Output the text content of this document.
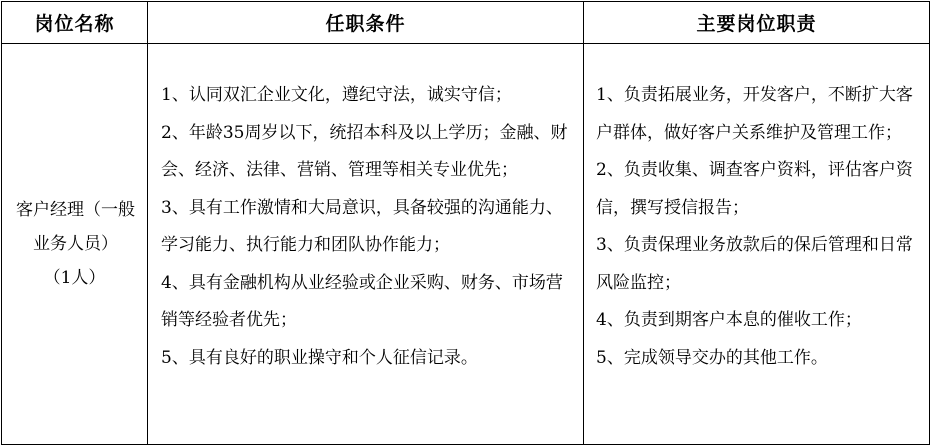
岗位名称	任职条件	主要岗位职责

客户经理（一般业务人员）
（1人）	1、认同双汇企业文化，遵纪守法，诚实守信；
2、年龄35周岁以下，统招本科及以上学历；金融、财会、经济、法律、营销、管理等相关专业优先；
3、具有工作激情和大局意识，具备较强的沟通能力、学习能力、执行能力和团队协作能力；
4、具有金融机构从业经验或企业采购、财务、市场营销等经验者优先；
5、具有良好的职业操守和个人征信记录。	1、负责拓展业务，开发客户，不断扩大客户群体，做好客户关系维护及管理工作；
2、负责收集、调查客户资料，评估客户资信，撰写授信报告；
3、负责保理业务放款后的保后管理和日常风险监控；
4、负责到期客户本息的催收工作；
5、完成领导交办的其他工作。
